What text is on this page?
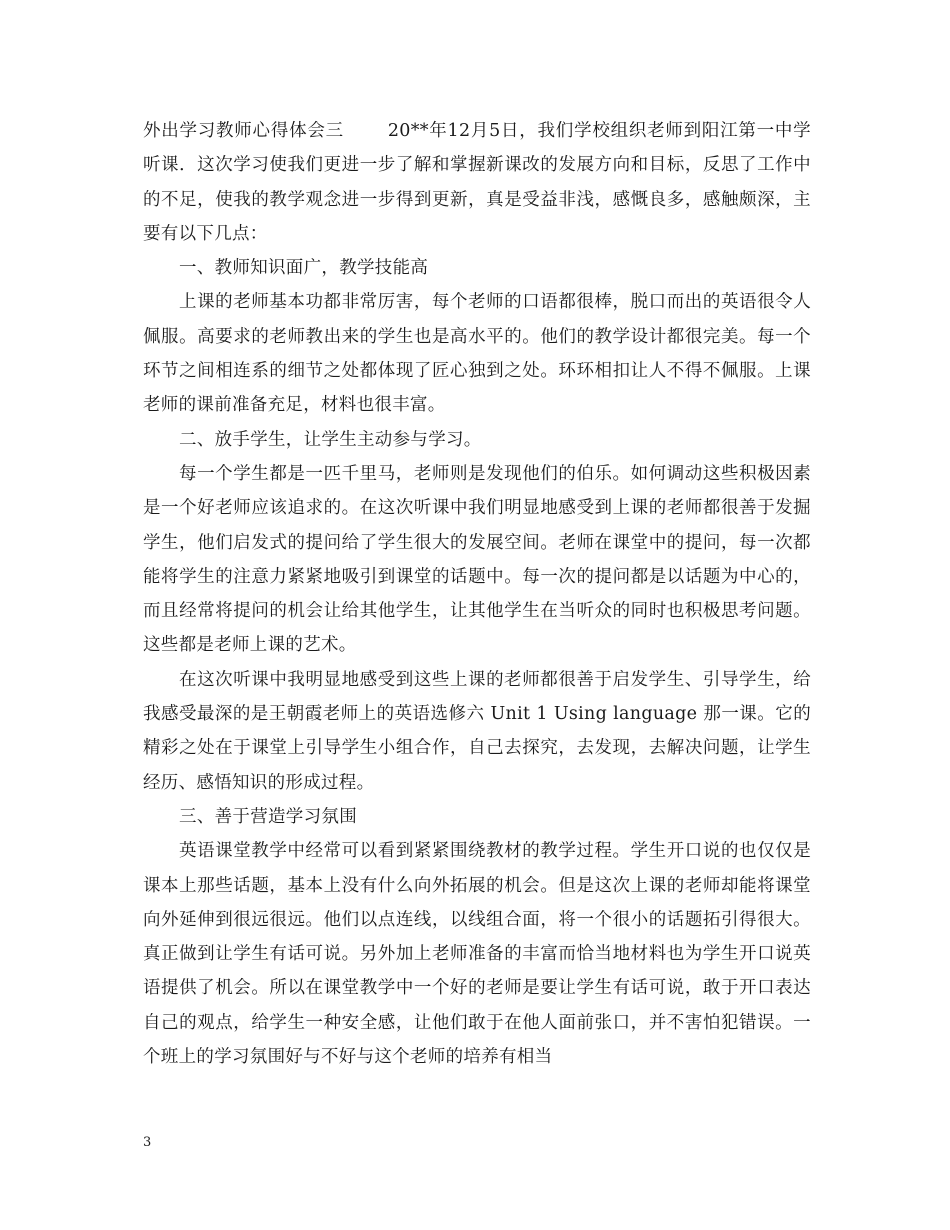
外出学习教师心得体会三	20**年12月5日，我们学校组织老师到阳江第一中学听课．这次学习使我们更进一步了解和掌握新课改的发展方向和目标，反思了工作中的不足，使我的教学观念进一步得到更新，真是受益非浅，感慨良多，感触颇深，主要有以下几点：

一、教师知识面广，教学技能高

上课的老师基本功都非常厉害，每个老师的口语都很棒，脱口而出的英语很令人佩服。高要求的老师教出来的学生也是高水平的。他们的教学设计都很完美。每一个环节之间相连系的细节之处都体现了匠心独到之处。环环相扣让人不得不佩服。上课老师的课前准备充足，材料也很丰富。

二、放手学生，让学生主动参与学习。

每一个学生都是一匹千里马，老师则是发现他们的伯乐。如何调动这些积极因素是一个好老师应该追求的。在这次听课中我们明显地感受到上课的老师都很善于发掘学生，他们启发式的提问给了学生很大的发展空间。老师在课堂中的提问，每一次都能将学生的注意力紧紧地吸引到课堂的话题中。每一次的提问都是以话题为中心的，而且经常将提问的机会让给其他学生，让其他学生在当听众的同时也积极思考问题。这些都是老师上课的艺术。

在这次听课中我明显地感受到这些上课的老师都很善于启发学生、引导学生，给我感受最深的是王朝霞老师上的英语选修六 Unit 1 Using language 那一课。它的精彩之处在于课堂上引导学生小组合作，自己去探究，去发现，去解决问题，让学生经历、感悟知识的形成过程。

三、善于营造学习氛围

英语课堂教学中经常可以看到紧紧围绕教材的教学过程。学生开口说的也仅仅是课本上那些话题，基本上没有什么向外拓展的机会。但是这次上课的老师却能将课堂向外延伸到很远很远。他们以点连线，以线组合面，将一个很小的话题拓引得很大。真正做到让学生有话可说。另外加上老师准备的丰富而恰当地材料也为学生开口说英语提供了机会。所以在课堂教学中一个好的老师是要让学生有话可说，敢于开口表达自己的观点，给学生一种安全感，让他们敢于在他人面前张口，并不害怕犯错误。一个班上的学习氛围好与不好与这个老师的培养有相当

3
